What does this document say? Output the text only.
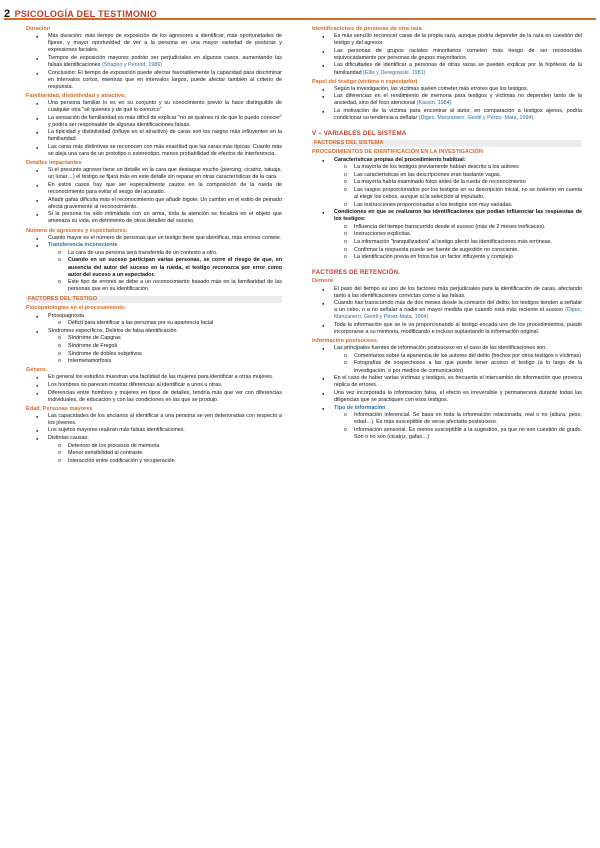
2 PSICOLOGÍA DEL TESTIMONIO
Duración
● Más duración: más tiempo de exposición de los agresores a identificar, más oportunidades de fijarse, y mayor oportunidad de ver a la persona en una mayor variedad de posturas y expresiones faciales.
● Tiempos de exposición mayores podrán ser perjudiciales en algunos casos, aumentando las falsas identificaciones (Shapiro y Penrod, 1986)
● Conclusión: El tiempo de exposición puede afectar favorablemente la capacidad para discriminar en intervalos cortos, mientras que en intervalos largos, puede afectar también al criterio de respuesta.
Familiaridad, distintividad y atractivo.
● Una persona familiar lo es en su conjunto y su conocimiento previo la hace distinguible de cualquier otra "sé quienes y de qué lo conozco"
● La sensación de familiaridad es más difícil de explicar "no sé quiénes ni de que lo puedo conocer" y podría ser responsable de algunas identificaciones falsas.
● La tipicidad y distintividad (influye en el atractivo) de caras son los rasgos más influyentes en la familiaridad.
● Las caras más distintivas se reconocen con más exactitud que las caras más típicas. Cuanto más se aleja una cara de un prototipo o estereotipo, menos probabilidad de efectos de interferencia.
Detalles impactantes
● Si el presunto agresor tiene un detalle en la cara que destaque mucho (piercing, cicatriz, tatuaje, un lunar…) el testigo se fijará más en este detalle sin reparar en otras características de la cara.
● En estos casos hay que ser especialmente cautos en la composición de la rueda de reconocimiento para evitar el sesgo del acusado.
● Añadir gafas dificulta más el reconocimiento que añadir bigote; Un cambio en el estilo de peinado afecta gravemente al reconocimiento.
● Si la persona ha sido intimidada con un arma, toda la atención se focaliza en el objeto que amenaza su vida, en detrimento de otros detalles del suceso.
Número de agresores y espectadores.
● Cuanto mayor es el número de personas que un testigo tiene que identificar, más errores comete.
● Transferencia inconsciente
o La cara de una persona será transferida de un contexto a otro.
o Cuando en un suceso participan varias personas, se corre el riesgo de que, en ausencia del autor del suceso en la rueda, el testigo reconozca por error como autor del suceso a un espectador.
o Este tipo de errores se debe a un reconocimiento basado más en la familiaridad de las personas que en su identificación.
FACTORES DEL TESTIGO
Psicopatologías en el procesamiento.
● Prosopagnosia
o Déficit para identificar a las personas por su apariencia facial
● Síndromes específicos. Delirios de falsa identificación
o Síndrome de Capgras
o Síndrome de Fregoli
o Síndrome de dobles subjetivos
o Intermetamorfosis
Género.
● En general los estudios muestran una facilidad de las mujeres para identificar a otras mujeres.
● Los hombres no parecen mostrar diferencias al identificar a unos u otras.
● Diferencias entre hombres y mujeres en tipos de detalles, tendría más que ver con diferencias individuales, de educación y con las condiciones en las que se produjo.
Edad. Personas mayores
● Las capacidades de los ancianos al identificar a una persona se ven deterioradas con respecto a los jóvenes.
● Los sujetos mayores realizan más falsas identificaciones.
● Distintas causas:
o Deterioro de los procesos de memoria
o Menor sensibilidad al contraste
o Interacción entre codificación y recuperación
Identificaciones de personas de otra raza
● Es más sencillo reconocer caras de la propia raza, aunque podría depender de la raza en cuestión del testigo y del agresor.
● Las personas de grupos raciales minoritarios cometen más riesgo de ser reconocidas equivocadamente por personas de grupos mayoritarios.
● Las dificultades de identificar a personas de otras razas se pueden explicar por la hipótesis de la familiaridad (Ellis y Deregowski, 1981)
Papel del testigo (víctima o espectador)
● Según la investigación, las víctimas suelen cometer más errores que los testigos.
● Las diferencias en el rendimiento de memoria para testigos y víctimas no dependen tanto de la ansiedad, sino del foco atencional (Kassin, 1984)
● La motivación de la víctima para encontrar al autor, en comparación a testigos ajenos, podría condicionar su tendencia a señalar (Diges, Manzanero, Gentil y Pérez- Mata, 1994)
V – VARIABLES DEL SISTEMA
FACTORES DEL SISTEMA
PROCEDIMIENTOS DE IDENTIFICACIÓN EN LA INVESTIGACIÓN
● Características propias del procedimiento habitual:
o La mayoría de los testigos previamente habían descrito a los autores
o Las características en las descripciones eran bastante vagas.
o La mayoría había examinado fotos antes de la rueda de reconocimiento
o Las rasgos proporcionados por los testigos en su descripción inicial, no se tuvieron en cuenta al elegir los cebos, aunque sí la selección al imputado.
o Las instrucciones proporcionadas a los testigos son muy variadas.
● Condiciones en que se realizaron las identificaciones que podían influenciar las respuestas de los testigos:
o Influencia del tiempo transcurrido desde el suceso (más de 2 meses ineficaces).
o Instrucciones explícitas.
o La información "tranquilizadora" al testigo afectó las identificaciones más erróneas.
o Confirmar la respuesta puede ser fuente de sugestión no consciente.
o La identificación previa en fotos fue un factor influyente y complejo
FACTORES DE RETENCIÓN.
Demora
● El paso del tiempo es uno de los factores más perjudiciales para la identificación de caras, afectando tanto a las identificaciones correctas como a las falsas.
● Cuando han transcurrido más de dos meses desde la comisión del delito, los testigos tienden a señalar a un cebo, o a no señalar a nadie en mayor medida que cuando está más reciente el suceso (Diges, Manzanero, Gentil y Pérez-Mata, 1994)
● Toda la información que se le va proporcionando al testigo encada uno de los procedimientos, puede incorporarse a su memoria, modificando e incluso suplantando la información original.
Información postsuceso.
● Las principales fuentes de información postsuceso en el caso de las identificaciones son:
o Comentarios sobre la apariencia de los autores del delito (hechos por otros testigos o víctimas)
o Fotografías de sospechosos a las que puede tener acceso el testigo (a lo largo de la investigación, o por medios de comunicación)
● En el caso de haber varias víctimas y testigos, es frecuente el intercambio de información que provoca réplica de errores.
● Una vez incorporada la información falsa, el efecto es irreversible y permanecerá durante todas las diligencias que se practiquen con esos testigos.
● Tipo de información
o Información inferencial. Se basa en toda la información relacionada, real o no (altura, peso, edad…). Es más susceptible de verse afectada postsuceso.
o Información sensorial. Es menos susceptible a la sugestión, ya que no son cuestión de grado. Son o no son (cicatriz, gafas…)
